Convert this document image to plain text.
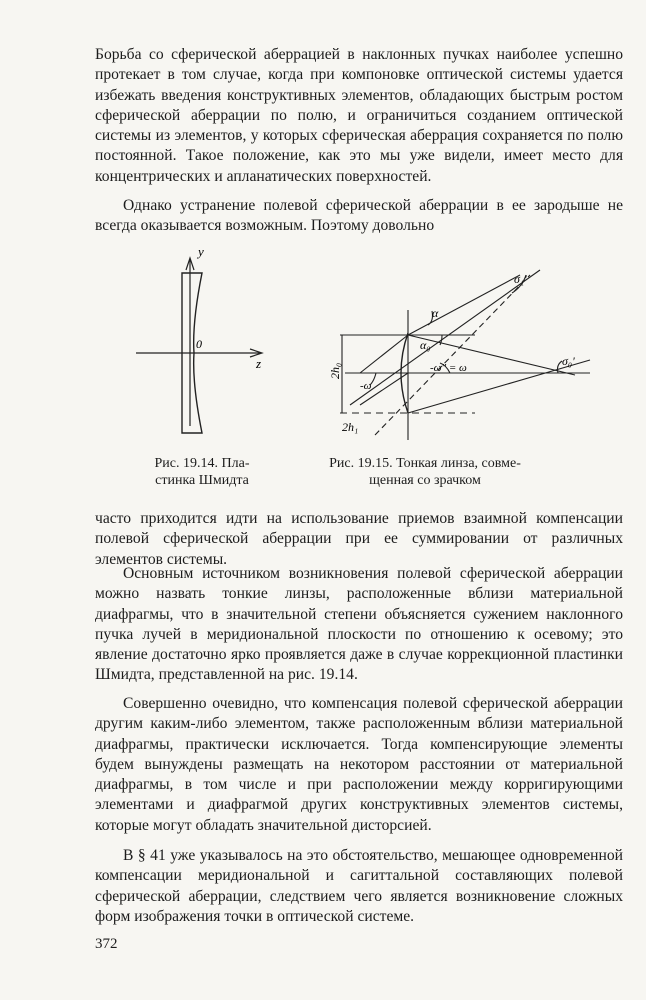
Борьба со сферической аберрацией в наклонных пучках наиболее успешно протекает в том случае, когда при компоновке оптической системы удается избежать введения конструктивных элементов, обладающих быстрым ростом сферической аберрации по полю, и ограничиться созданием оптической системы из элементов, у которых сферическая аберрация сохраняется по полю постоянной. Такое положение, как это мы уже видели, имеет место для концентрических и апланатических поверхностей.

Однако устранение полевой сферической аберрации в ее зародыше не всегда оказывается возможным. Поэтому довольно

y
z
0
σ₁'
α
α₀
σ₀'
2h₀
-ω
-ω'' = ω
2h₁

Рис. 19.14. Пла-
стинка Шмидта

Рис. 19.15. Тонкая линза, совме-
щенная со зрачком

часто приходится идти на использование приемов взаимной компенсации полевой сферической аберрации при ее суммировании от различных элементов системы.

Основным источником возникновения полевой сферической аберрации можно назвать тонкие линзы, расположенные вблизи материальной диафрагмы, что в значительной степени объясняется сужением наклонного пучка лучей в меридиональной плоскости по отношению к осевому; это явление достаточно ярко проявляется даже в случае коррекционной пластинки Шмидта, представленной на рис. 19.14.

Совершенно очевидно, что компенсация полевой сферической аберрации другим каким-либо элементом, также расположенным вблизи материальной диафрагмы, практически исключается. Тогда компенсирующие элементы будем вынуждены размещать на некотором расстоянии от материальной диафрагмы, в том числе и при расположении между корригирующими элементами и диафрагмой других конструктивных элементов системы, которые могут обладать значительной дисторсией.

В § 41 уже указывалось на это обстоятельство, мешающее одновременной компенсации меридиональной и сагиттальной составляющих полевой сферической аберрации, следствием чего является возникновение сложных форм изображения точки в оптической системе.

372
